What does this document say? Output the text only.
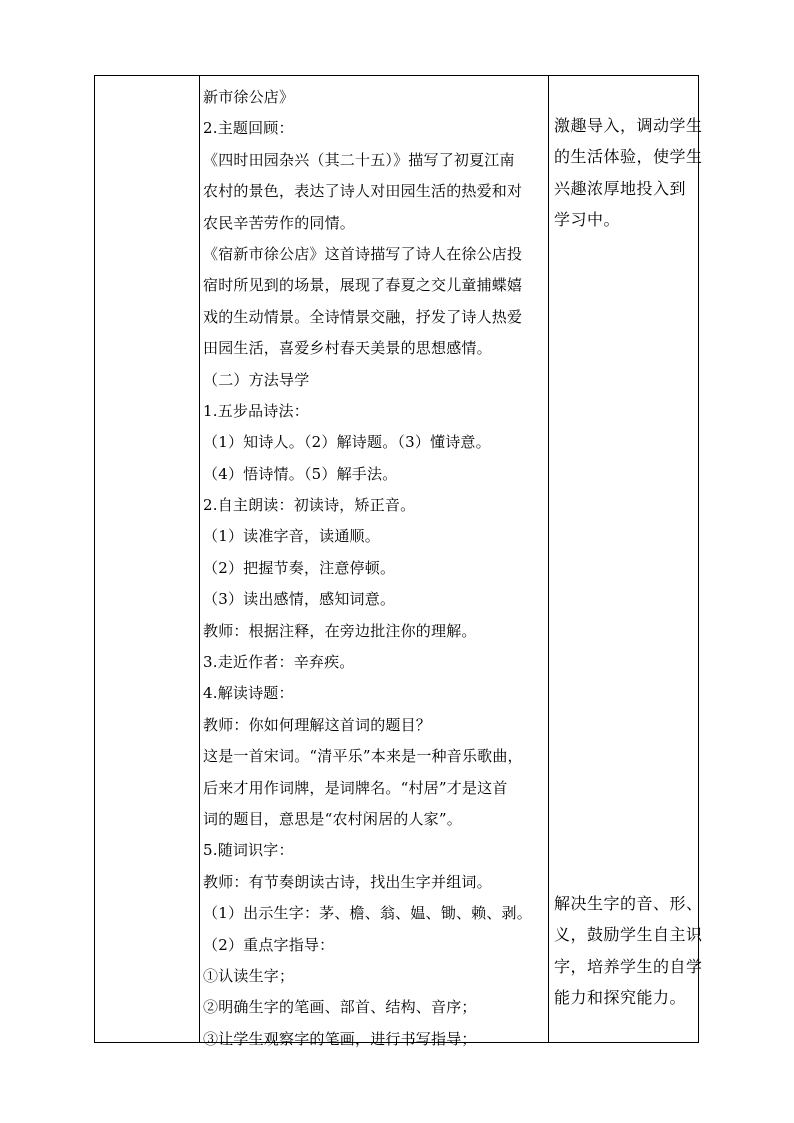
新市徐公店》
2.主题回顾：
《四时田园杂兴（其二十五）》描写了初夏江南
农村的景色，表达了诗人对田园生活的热爱和对
农民辛苦劳作的同情。
《宿新市徐公店》这首诗描写了诗人在徐公店投
宿时所见到的场景，展现了春夏之交儿童捕蝶嬉
戏的生动情景。全诗情景交融，抒发了诗人热爱
田园生活，喜爱乡村春天美景的思想感情。
（二）方法导学
1.五步品诗法：
（1）知诗人。（2）解诗题。（3）懂诗意。
（4）悟诗情。（5）解手法。
2.自主朗读：初读诗，矫正音。
（1）读准字音，读通顺。
（2）把握节奏，注意停顿。
（3）读出感情，感知词意。
教师：根据注释，在旁边批注你的理解。
3.走近作者：辛弃疾。
4.解读诗题：
教师：你如何理解这首词的题目？
这是一首宋词。“清平乐”本来是一种音乐歌曲，
后来才用作词牌，是词牌名。“村居”才是这首
词的题目，意思是“农村闲居的人家”。
5.随词识字：
教师：有节奏朗读古诗，找出生字并组词。
（1）出示生字：茅、檐、翁、媪、锄、赖、剥。
（2）重点字指导：
①认读生字；
②明确生字的笔画、部首、结构、音序；
③让学生观察字的笔画，进行书写指导；
激趣导入，调动学生
的生活体验，使学生
兴趣浓厚地投入到
学习中。
解决生字的音、形、
义，鼓励学生自主识
字，培养学生的自学
能力和探究能力。
